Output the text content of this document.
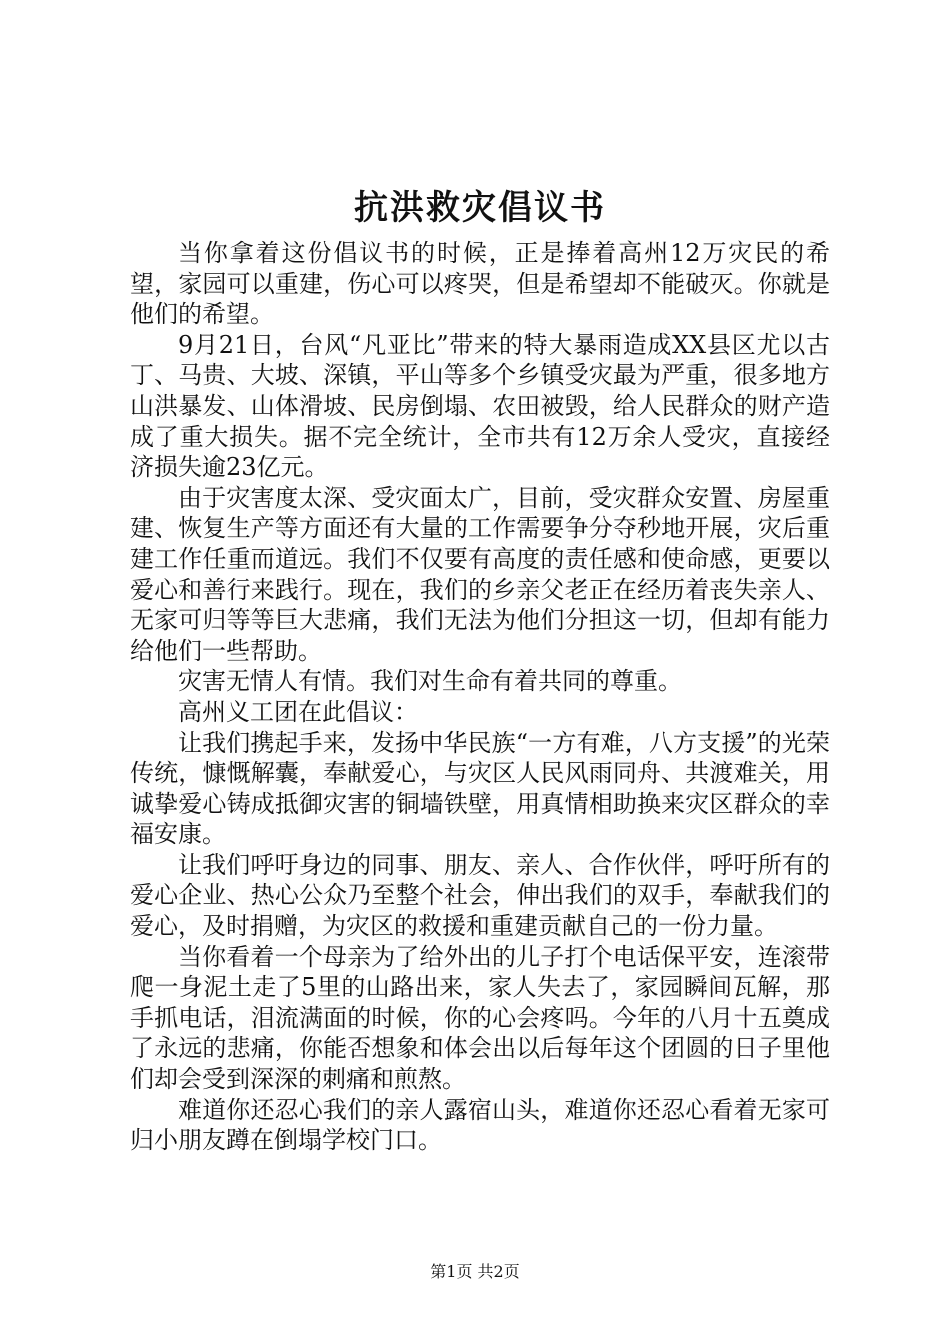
抗洪救灾倡议书

当你拿着这份倡议书的时候，正是捧着高州12万灾民的希望，家园可以重建，伤心可以疼哭，但是希望却不能破灭。你就是他们的希望。

9月21日，台风“凡亚比”带来的特大暴雨造成XX县区尤以古丁、马贵、大坡、深镇，平山等多个乡镇受灾最为严重，很多地方山洪暴发、山体滑坡、民房倒塌、农田被毁，给人民群众的财产造成了重大损失。据不完全统计，全市共有12万余人受灾，直接经济损失逾23亿元。

由于灾害度太深、受灾面太广，目前，受灾群众安置、房屋重建、恢复生产等方面还有大量的工作需要争分夺秒地开展，灾后重建工作任重而道远。我们不仅要有高度的责任感和使命感，更要以爱心和善行来践行。现在，我们的乡亲父老正在经历着丧失亲人、无家可归等等巨大悲痛，我们无法为他们分担这一切，但却有能力给他们一些帮助。

灾害无情人有情。我们对生命有着共同的尊重。

高州义工团在此倡议：

让我们携起手来，发扬中华民族“一方有难，八方支援”的光荣传统，慷慨解囊，奉献爱心，与灾区人民风雨同舟、共渡难关，用诚挚爱心铸成抵御灾害的铜墙铁壁，用真情相助换来灾区群众的幸福安康。

让我们呼吁身边的同事、朋友、亲人、合作伙伴，呼吁所有的爱心企业、热心公众乃至整个社会，伸出我们的双手，奉献我们的爱心，及时捐赠，为灾区的救援和重建贡献自己的一份力量。

当你看着一个母亲为了给外出的儿子打个电话保平安，连滚带爬一身泥土走了5里的山路出来，家人失去了，家园瞬间瓦解，那手抓电话，泪流满面的时候，你的心会疼吗。今年的八月十五奠成了永远的悲痛，你能否想象和体会出以后每年这个团圆的日子里他们却会受到深深的刺痛和煎熬。

难道你还忍心我们的亲人露宿山头，难道你还忍心看着无家可归小朋友蹲在倒塌学校门口。

第1页 共2页
